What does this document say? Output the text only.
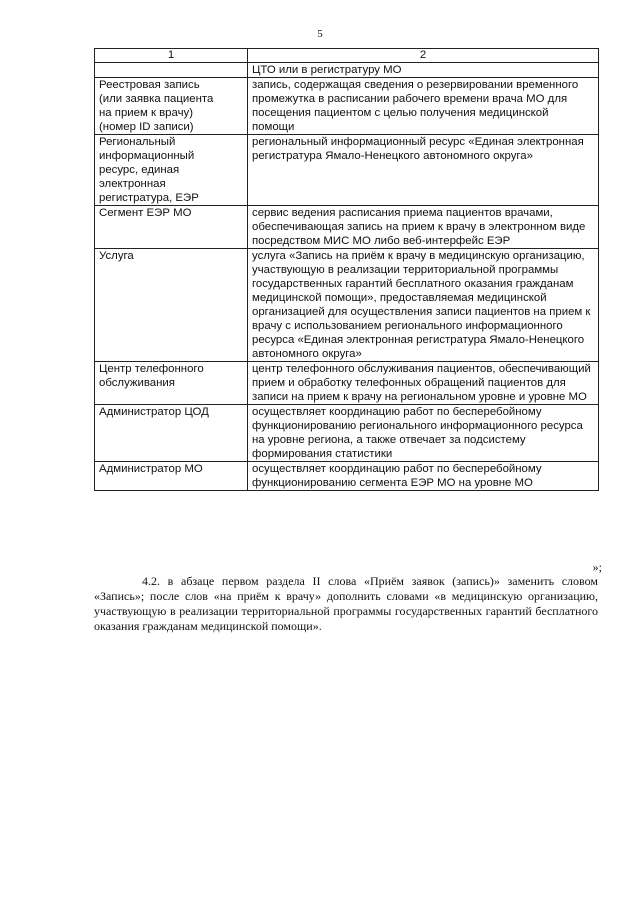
5
1	2
	ЦТО или в регистратуру МО
Реестровая запись
(или заявка пациента
на прием к врачу)
(номер ID записи)	запись, содержащая сведения о резервировании временного промежутка в расписании рабочего времени врача МО для посещения пациентом с целью получения медицинской помощи
Региональный
информационный
ресурс, единая
электронная
регистратура, ЕЭР	региональный информационный ресурс «Единая электронная регистратура Ямало-Ненецкого автономного округа»
Сегмент ЕЭР МО	сервис ведения расписания приема пациентов врачами, обеспечивающая запись на прием к врачу в электронном виде посредством МИС МО либо веб-интерфейс ЕЭР
Услуга	услуга «Запись на приём к врачу в медицинскую организацию, участвующую в реализации территориальной программы государственных гарантий бесплатного оказания гражданам медицинской помощи», предоставляемая медицинской организацией для осуществления записи пациентов на прием к врачу с использованием регионального информационного ресурса «Единая электронная регистратура Ямало-Ненецкого автономного округа»
Центр телефонного
обслуживания	центр телефонного обслуживания пациентов, обеспечивающий прием и обработку телефонных обращений пациентов для записи на прием к врачу на региональном уровне и уровне МО
Администратор ЦОД	осуществляет координацию работ по бесперебойному функционированию регионального информационного ресурса на уровне региона, а также отвечает за подсистему формирования статистики
Администратор МО	осуществляет координацию работ по бесперебойному функционированию сегмента ЕЭР МО на уровне МО
»;

4.2. в абзаце первом раздела II слова «Приём заявок (запись)» заменить словом «Запись»; после слов «на приём к врачу» дополнить словами «в медицинскую организацию, участвующую в реализации территориальной программы государственных гарантий бесплатного оказания гражданам медицинской помощи».
